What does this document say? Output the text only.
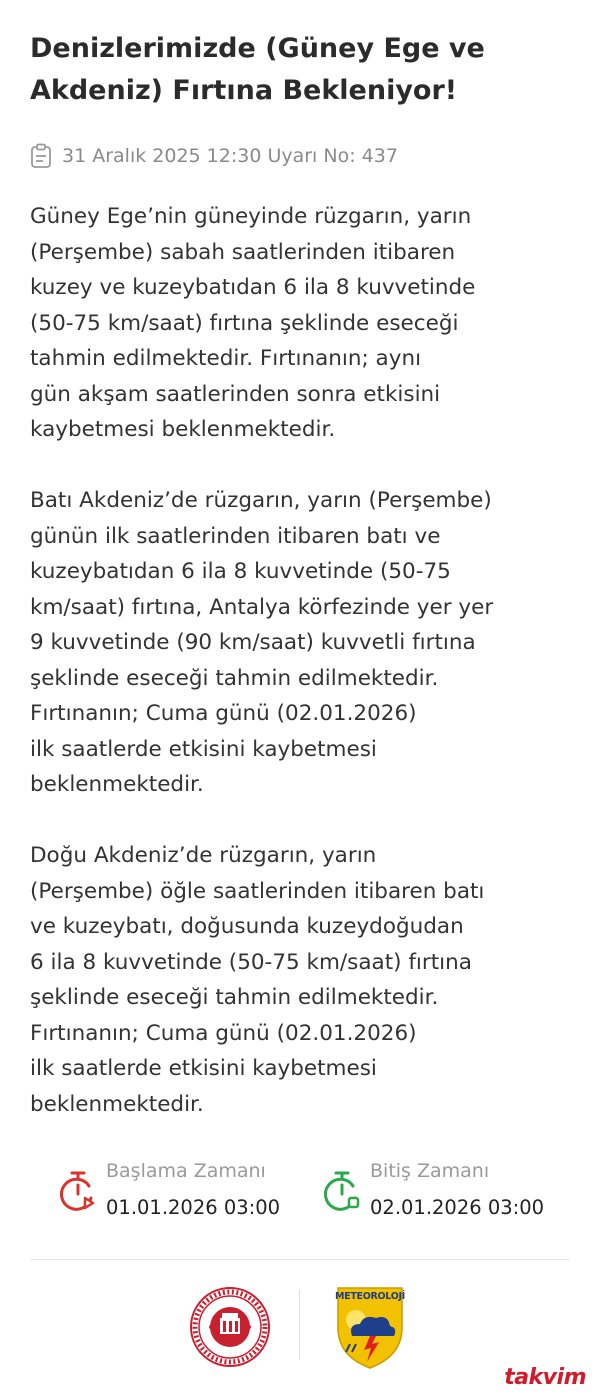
Denizlerimizde (Güney Ege ve
Akdeniz) Fırtına Bekleniyor!
31 Aralık 2025 12:30 Uyarı No: 437
Güney Ege’nin güneyinde rüzgarın, yarın
(Perşembe) sabah saatlerinden itibaren
kuzey ve kuzeybatıdan 6 ila 8 kuvvetinde
(50-75 km/saat) fırtına şeklinde eseceği
tahmin edilmektedir. Fırtınanın; aynı
gün akşam saatlerinden sonra etkisini
kaybetmesi beklenmektedir.
Batı Akdeniz’de rüzgarın, yarın (Perşembe)
günün ilk saatlerinden itibaren batı ve
kuzeybatıdan 6 ila 8 kuvvetinde (50-75
km/saat) fırtına, Antalya körfezinde yer yer
9 kuvvetinde (90 km/saat) kuvvetli fırtına
şeklinde eseceği tahmin edilmektedir.
Fırtınanın; Cuma günü (02.01.2026)
ilk saatlerde etkisini kaybetmesi
beklenmektedir.
Doğu Akdeniz’de rüzgarın, yarın
(Perşembe) öğle saatlerinden itibaren batı
ve kuzeybatı, doğusunda kuzeydoğudan
6 ila 8 kuvvetinde (50-75 km/saat) fırtına
şeklinde eseceği tahmin edilmektedir.
Fırtınanın; Cuma günü (02.01.2026)
ilk saatlerde etkisini kaybetmesi
beklenmektedir.
Başlama Zamanı
01.01.2026 03:00
Bitiş Zamanı
02.01.2026 03:00
METEOROLOJİ
takvim
